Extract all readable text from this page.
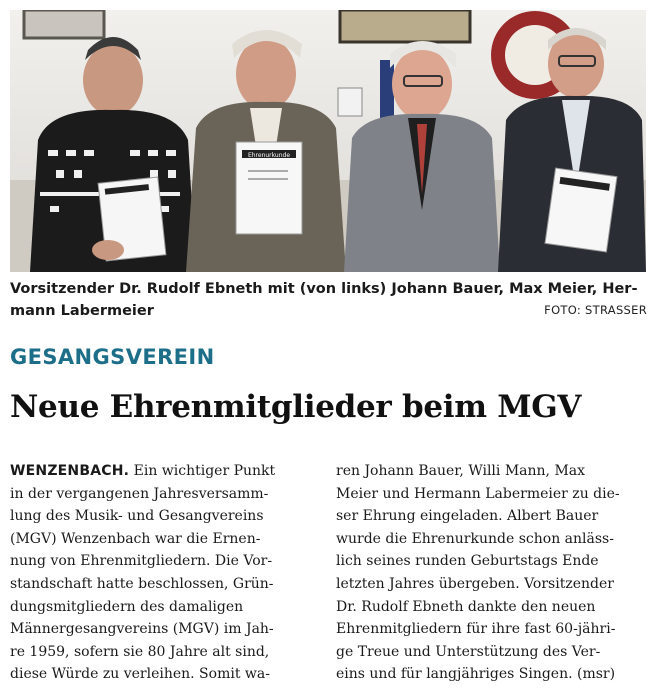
Ehrenurkunde
Vorsitzender Dr. Rudolf Ebneth mit (von links) Johann Bauer, Max Meier, Her-
mann Labermeier	FOTO: STRASSER
GESANGSVEREIN
Neue Ehrenmitglieder beim MGV
WENZENBACH. Ein wichtiger Punkt
in der vergangenen Jahresversamm-
lung des Musik- und Gesangvereins
(MGV) Wenzenbach war die Ernen-
nung von Ehrenmitgliedern. Die Vor-
standschaft hatte beschlossen, Grün-
dungsmitgliedern des damaligen
Männergesangvereins (MGV) im Jah-
re 1959, sofern sie 80 Jahre alt sind,
diese Würde zu verleihen. Somit wa-
ren Johann Bauer, Willi Mann, Max
Meier und Hermann Labermeier zu die-
ser Ehrung eingeladen. Albert Bauer
wurde die Ehrenurkunde schon anläss-
lich seines runden Geburtstags Ende
letzten Jahres übergeben. Vorsitzender
Dr. Rudolf Ebneth dankte den neuen
Ehrenmitgliedern für ihre fast 60-jähri-
ge Treue und Unterstützung des Ver-
eins und für langjähriges Singen. (msr)
